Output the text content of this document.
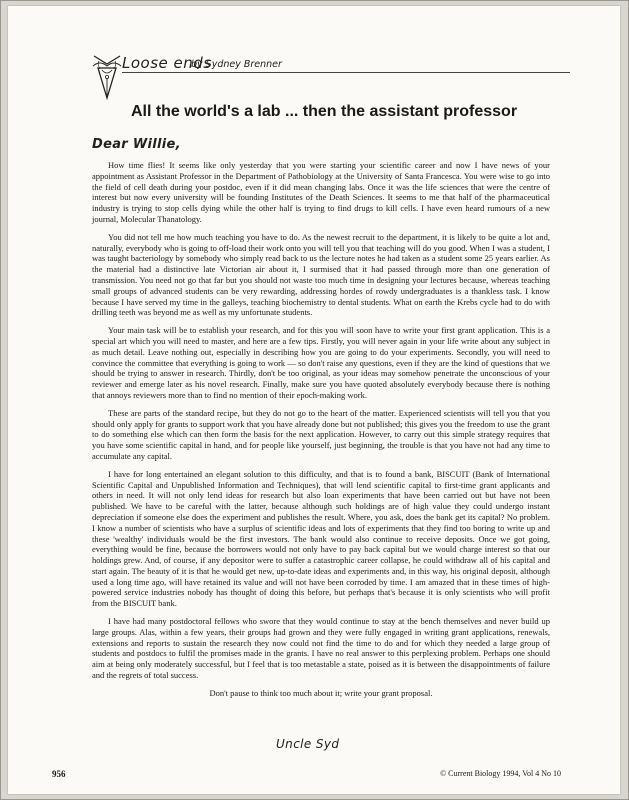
Loose ends
by Sydney Brenner
All the world's a lab ... then the assistant professor
Dear Willie,

How time flies! It seems like only yesterday that you were starting your scientific career and now I have news of your appointment as Assistant Professor in the Department of Pathobiology at the University of Santa Francesca. You were wise to go into the field of cell death during your postdoc, even if it did mean changing labs. Once it was the life sciences that were the centre of interest but now every university will be founding Institutes of the Death Sciences. It seems to me that half of the pharmaceutical industry is trying to stop cells dying while the other half is trying to find drugs to kill cells. I have even heard rumours of a new journal, Molecular Thanatology.

You did not tell me how much teaching you have to do. As the newest recruit to the department, it is likely to be quite a lot and, naturally, everybody who is going to off-load their work onto you will tell you that teaching will do you good. When I was a student, I was taught bacteriology by somebody who simply read back to us the lecture notes he had taken as a student some 25 years earlier. As the material had a distinctive late Victorian air about it, I surmised that it had passed through more than one generation of transmission. You need not go that far but you should not waste too much time in designing your lectures because, whereas teaching small groups of advanced students can be very rewarding, addressing hordes of rowdy undergraduates is a thankless task. I know because I have served my time in the galleys, teaching biochemistry to dental students. What on earth the Krebs cycle had to do with drilling teeth was beyond me as well as my unfortunate students.

Your main task will be to establish your research, and for this you will soon have to write your first grant application. This is a special art which you will need to master, and here are a few tips. Firstly, you will never again in your life write about any subject in as much detail. Leave nothing out, especially in describing how you are going to do your experiments. Secondly, you will need to convince the committee that everything is going to work — so don't raise any questions, even if they are the kind of questions that we should be trying to answer in research. Thirdly, don't be too original, as your ideas may somehow penetrate the unconscious of your reviewer and emerge later as his novel research. Finally, make sure you have quoted absolutely everybody because there is nothing that annoys reviewers more than to find no mention of their epoch-making work.

These are parts of the standard recipe, but they do not go to the heart of the matter. Experienced scientists will tell you that you should only apply for grants to support work that you have already done but not published; this gives you the freedom to use the grant to do something else which can then form the basis for the next application. However, to carry out this simple strategy requires that you have some scientific capital in hand, and for people like yourself, just beginning, the trouble is that you have not had any time to accumulate any capital.

I have for long entertained an elegant solution to this difficulty, and that is to found a bank, BISCUIT (Bank of International Scientific Capital and Unpublished Information and Techniques), that will lend scientific capital to first-time grant applicants and others in need. It will not only lend ideas for research but also loan experiments that have been carried out but have not been published. We have to be careful with the latter, because although such holdings are of high value they could undergo instant depreciation if someone else does the experiment and publishes the result. Where, you ask, does the bank get its capital? No problem. I know a number of scientists who have a surplus of scientific ideas and lots of experiments that they find too boring to write up and these 'wealthy' individuals would be the first investors. The bank would also continue to receive deposits. Once we got going, everything would be fine, because the borrowers would not only have to pay back capital but we would charge interest so that our holdings grew. And, of course, if any depositor were to suffer a catastrophic career collapse, he could withdraw all of his capital and start again. The beauty of it is that he would get new, up-to-date ideas and experiments and, in this way, his original deposit, although used a long time ago, will have retained its value and will not have been corroded by time. I am amazed that in these times of high-powered service industries nobody has thought of doing this before, but perhaps that's because it is only scientists who will profit from the BISCUIT bank.

I have had many postdoctoral fellows who swore that they would continue to stay at the bench themselves and never build up large groups. Alas, within a few years, their groups had grown and they were fully engaged in writing grant applications, renewals, extensions and reports to sustain the research they now could not find the time to do and for which they needed a large group of students and postdocs to fulfil the promises made in the grants. I have no real answer to this perplexing problem. Perhaps one should aim at being only moderately successful, but I feel that is too metastable a state, poised as it is between the disappointments of failure and the regrets of total success.

Don't pause to think too much about it; write your grant proposal.

Uncle Syd
956	© Current Biology 1994, Vol 4 No 10
